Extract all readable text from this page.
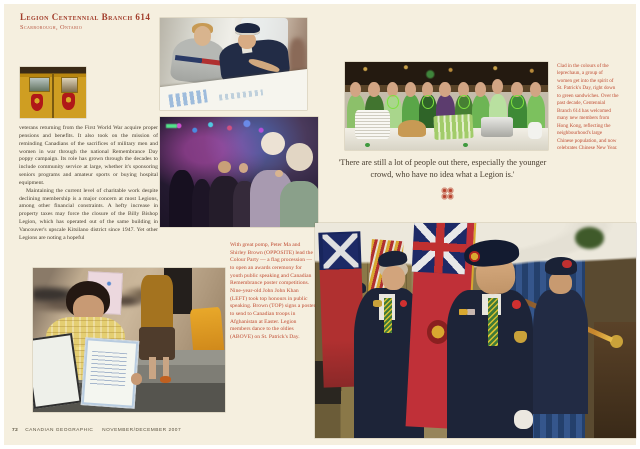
Legion Centennial Branch 614
Scarborough, Ontario

veterans returning from the First World War acquire proper pensions and benefits. It also took on the mission of reminding Canadians of the sacrifices of military men and women in war through the national Remembrance Day poppy campaign. Its role has grown through the decades to include community service at large, whether it's sponsoring seniors programs and amateur sports or buying hospital equipment.

Maintaining the current level of charitable work despite declining membership is a major concern at most Legions, among other financial constraints. A hefty increase in property taxes may force the closure of the Billy Bishop Legion, which has operated out of the same building in Vancouver's upscale Kitsilano district since 1947. Yet other Legions are noting a hopeful

Clad in the colours of the leprechaun, a group of women get into the spirit of St. Patrick's Day, right down to green sandwiches. Over the past decade, Centennial Branch 614 has welcomed many new members from Hong Kong, reflecting the neighbourhood's large Chinese population, and now celebrates Chinese New Year.
'There are still a lot of people out there, especially the younger crowd, who have no idea what a Legion is.'
With great pomp, Peter Ma and Shirley Brown (OPPOSITE) lead the Colour Party — a flag procession — to open an awards ceremony for youth public speaking and Canadian Remembrance poster competitions. Nine-year-old John John Khan (LEFT) took top honours in public speaking. Brown (TOP) signs a poster to send to Canadian troops in Afghanistan at Easter. Legion members dance to the oldies (ABOVE) on St. Patrick's Day.
72 CANADIAN GEOGRAPHIC NOVEMBER/DECEMBER 2007
